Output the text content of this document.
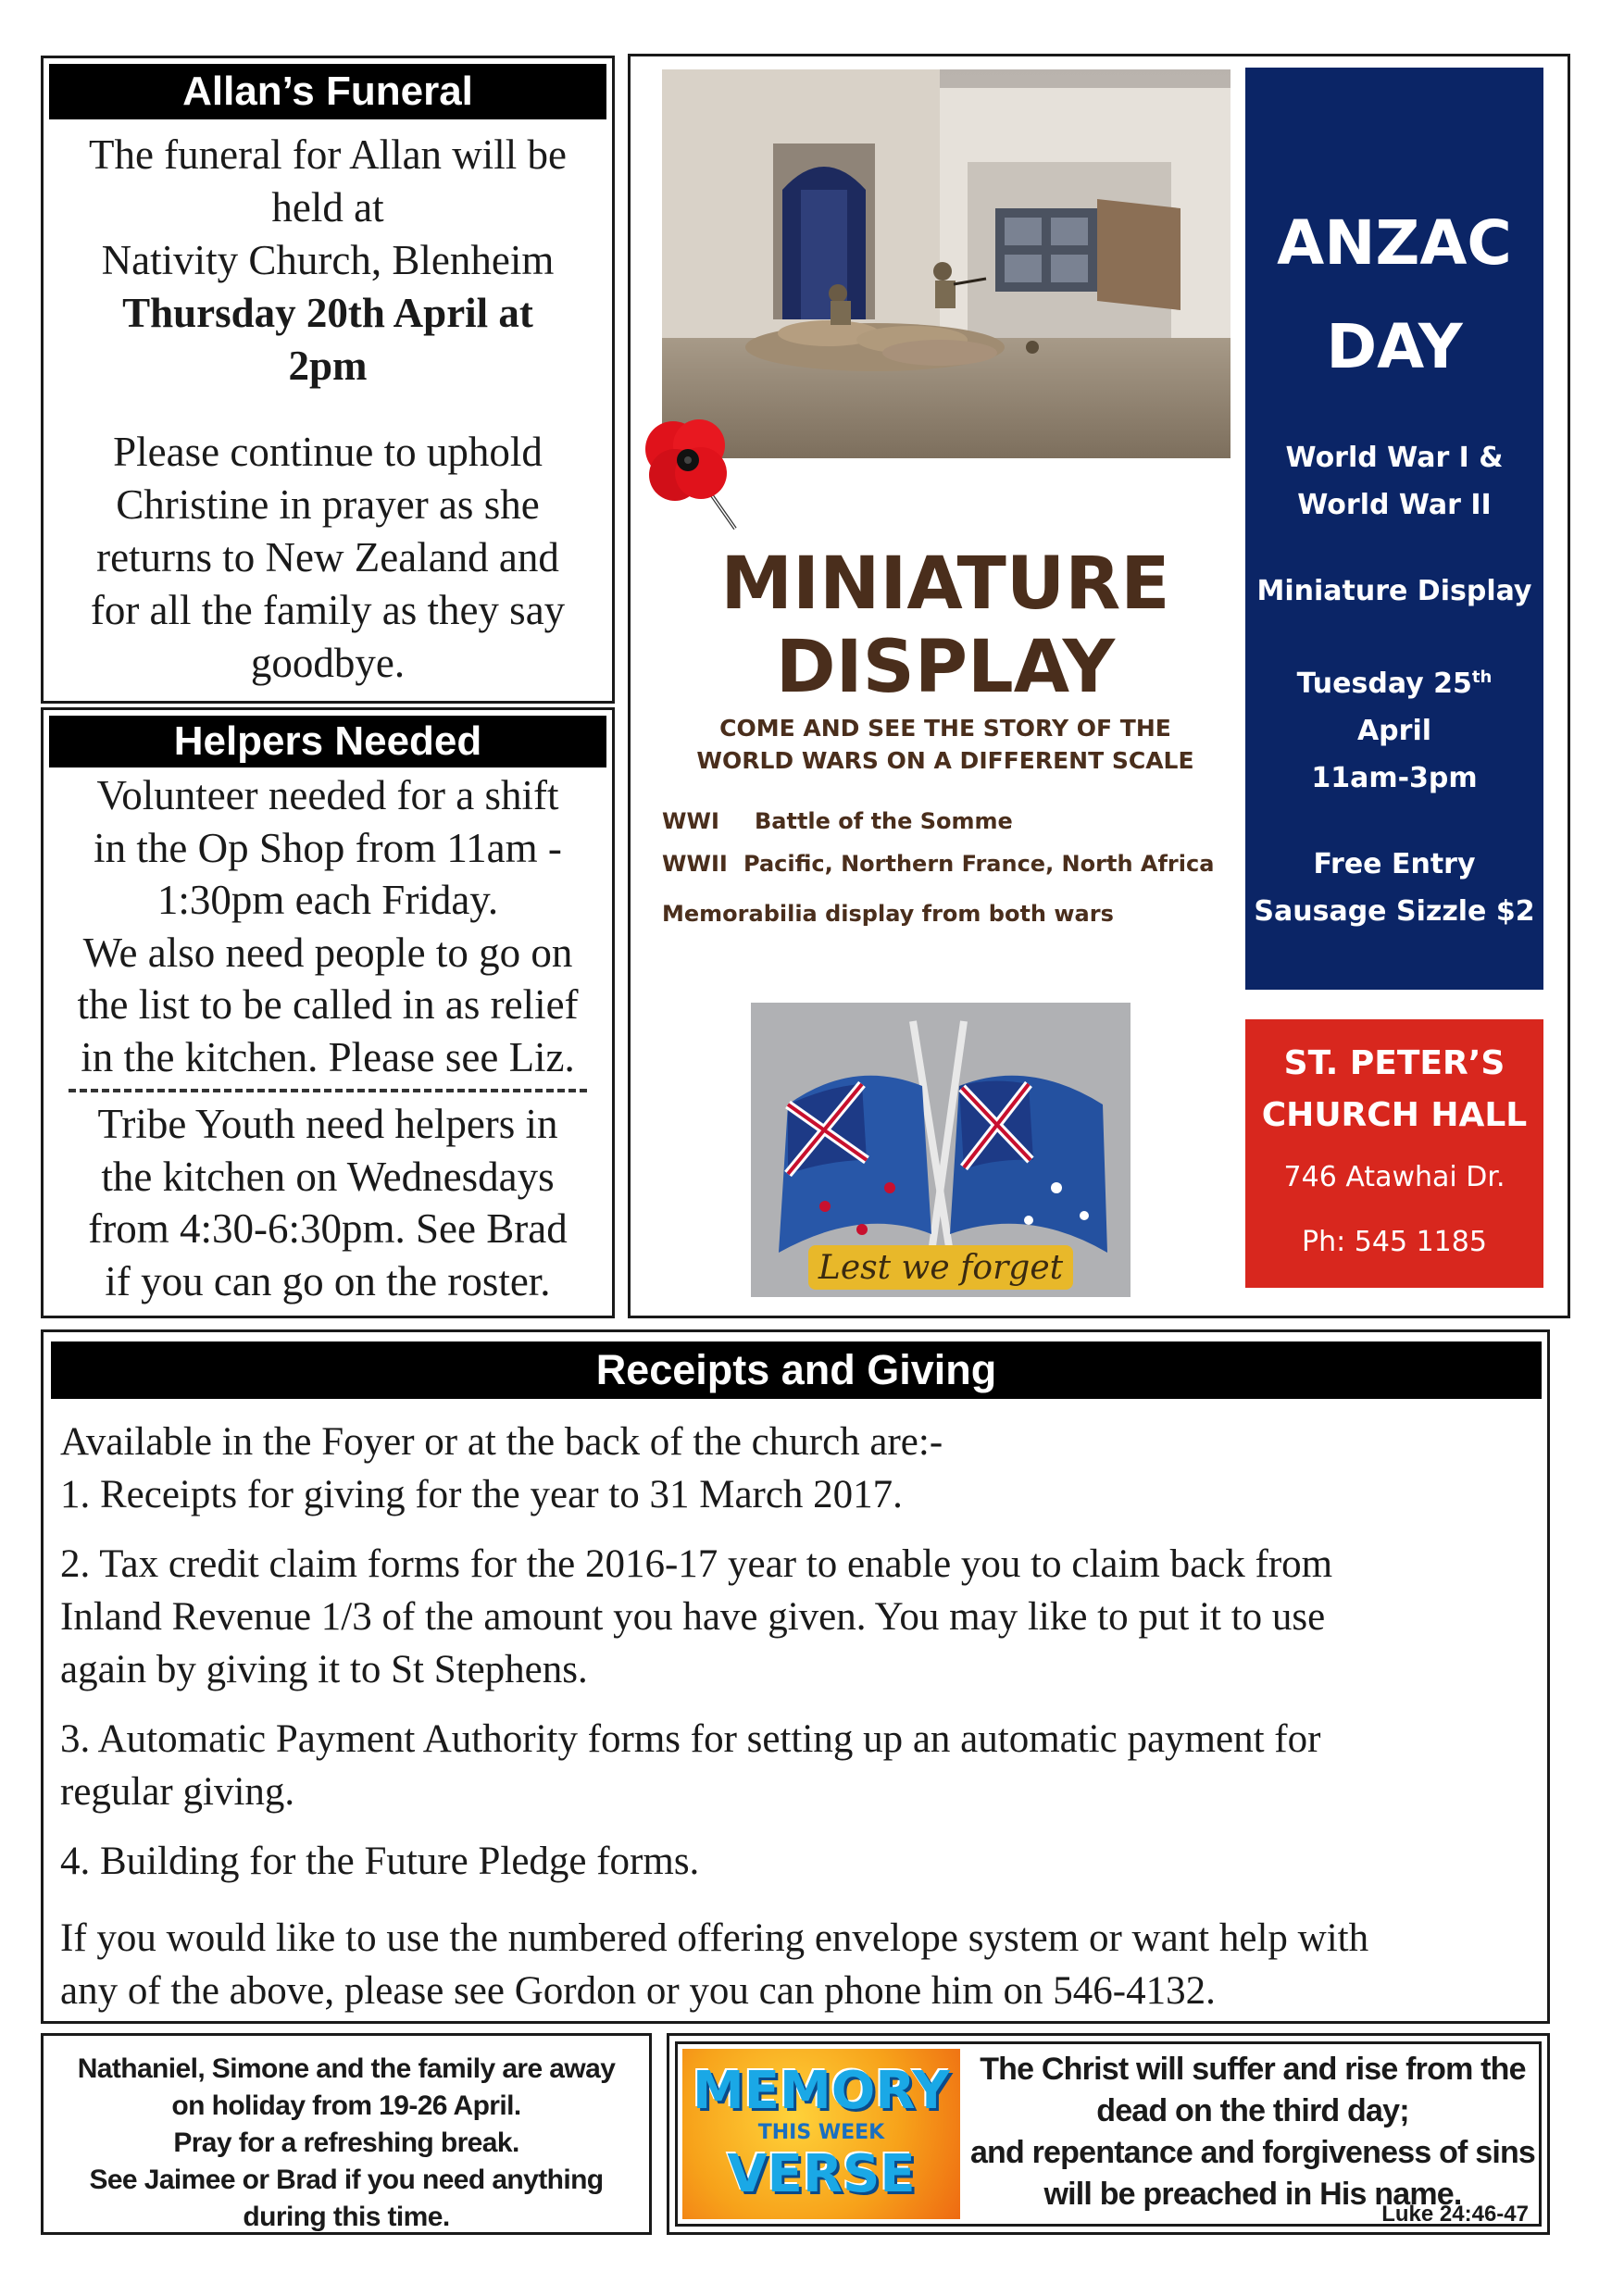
Allan’s Funeral

The funeral for Allan will be

held at

Nativity Church, Blenheim

Thursday 20th April at

2pm

Please continue to uphold

Christine in prayer as she

returns to New Zealand and

for all the family as they say

goodbye.

Helpers Needed

Volunteer needed for a shift

in the Op Shop from 11am -

1:30pm each Friday.

We also need people to go on

the list to be called in as relief

in the kitchen. Please see Liz.

Tribe Youth need helpers in

the kitchen on Wednesdays

from 4:30-6:30pm. See Brad

if you can go on the roster.

MINIATURE

DISPLAY

COME AND SEE THE STORY OF THE

WORLD WARS ON A DIFFERENT SCALE

WWI Battle of the Somme

WWII Pacific, Northern France, North Africa

Memorabilia display from both wars

Lest we forget

ANZAC

DAY

World War I &

World War II

Miniature Display

Tuesday 25th

April

11am-3pm

Free Entry

Sausage Sizzle $2

ST. PETER’S

CHURCH HALL

746 Atawhai Dr.

Ph: 545 1185

Receipts and Giving

Available in the Foyer or at the back of the church are:-

1. Receipts for giving for the year to 31 March 2017.

2. Tax credit claim forms for the 2016-17 year to enable you to claim back from

Inland Revenue 1/3 of the amount you have given. You may like to put it to use

again by giving it to St Stephens.

3. Automatic Payment Authority forms for setting up an automatic payment for

regular giving.

4. Building for the Future Pledge forms.

If you would like to use the numbered offering envelope system or want help with

any of the above, please see Gordon or you can phone him on 546-4132.

Nathaniel, Simone and the family are away

on holiday from 19-26 April.

Pray for a refreshing break.

See Jaimee or Brad if you need anything

during this time.

MEMORY

THIS WEEK

VERSE

The Christ will suffer and rise from the

dead on the third day;

and repentance and forgiveness of sins

will be preached in His name.

Luke 24:46-47
